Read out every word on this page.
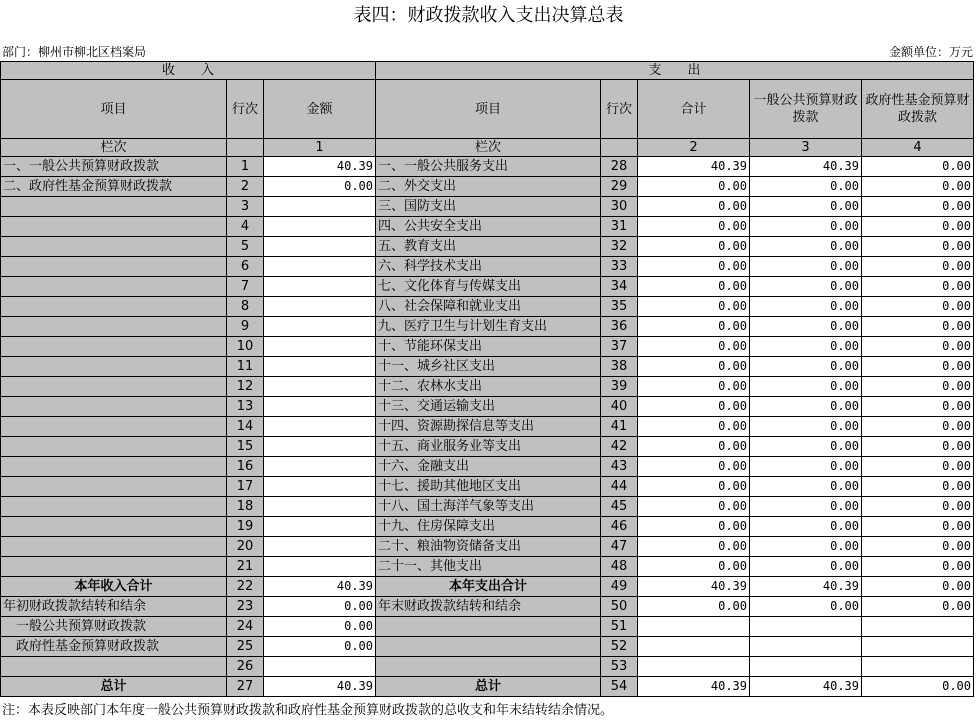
表四：财政拨款收入支出决算总表
部门：柳州市柳北区档案局	金额单位：万元
收　　入			支　　出				
项目	行次	金额	项目	行次	合计	一般公共预算财政拨款	政府性基金预算财政拨款
栏次		1	栏次		2	3	4
一、一般公共预算财政拨款	1	40.39	一、一般公共服务支出	28	40.39	40.39	0.00
二、政府性基金预算财政拨款	2	0.00	二、外交支出	29	0.00	0.00	0.00
	3		三、国防支出	30	0.00	0.00	0.00
	4		四、公共安全支出	31	0.00	0.00	0.00
	5		五、教育支出	32	0.00	0.00	0.00
	6		六、科学技术支出	33	0.00	0.00	0.00
	7		七、文化体育与传媒支出	34	0.00	0.00	0.00
	8		八、社会保障和就业支出	35	0.00	0.00	0.00
	9		九、医疗卫生与计划生育支出	36	0.00	0.00	0.00
	10		十、节能环保支出	37	0.00	0.00	0.00
	11		十一、城乡社区支出	38	0.00	0.00	0.00
	12		十二、农林水支出	39	0.00	0.00	0.00
	13		十三、交通运输支出	40	0.00	0.00	0.00
	14		十四、资源勘探信息等支出	41	0.00	0.00	0.00
	15		十五、商业服务业等支出	42	0.00	0.00	0.00
	16		十六、金融支出	43	0.00	0.00	0.00
	17		十七、援助其他地区支出	44	0.00	0.00	0.00
	18		十八、国土海洋气象等支出	45	0.00	0.00	0.00
	19		十九、住房保障支出	46	0.00	0.00	0.00
	20		二十、粮油物资储备支出	47	0.00	0.00	0.00
	21		二十一、其他支出	48	0.00	0.00	0.00
本年收入合计	22	40.39	本年支出合计	49	40.39	40.39	0.00
年初财政拨款结转和结余	23	0.00	年末财政拨款结转和结余	50	0.00	0.00	0.00
　一般公共预算财政拨款	24	0.00		51			
　政府性基金预算财政拨款	25	0.00		52			
	26			53			
总计	27	40.39	总计	54	40.39	40.39	0.00
注：本表反映部门本年度一般公共预算财政拨款和政府性基金预算财政拨款的总收支和年末结转结余情况。
